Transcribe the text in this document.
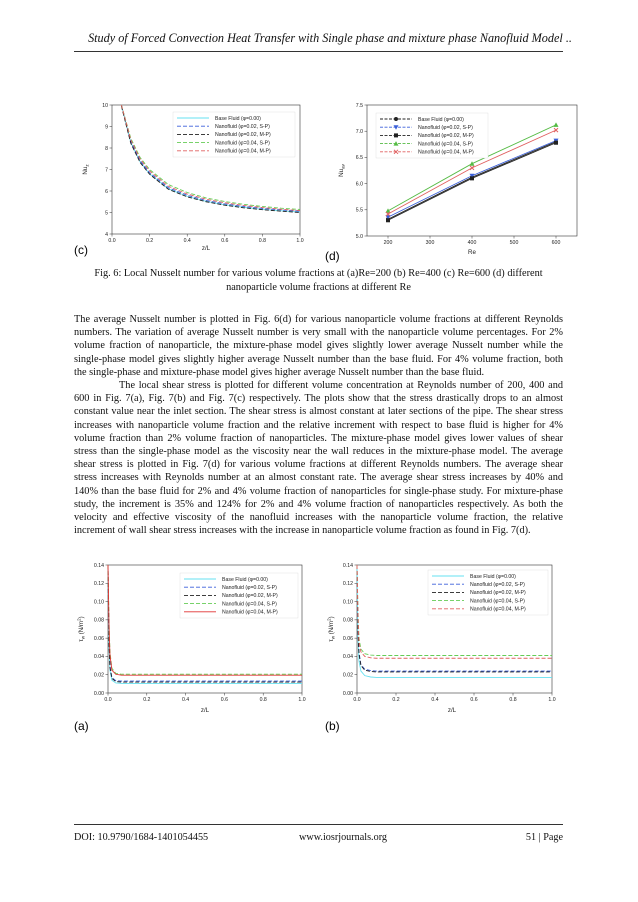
Study of Forced Convection Heat Transfer with Single phase and mixture phase Nanofluid Model ..
0.0	0.2	0.4	0.6	0.8	1.0
4
5
6
7
8
9
10
z/L
$Nu_z$
Base Fluid (φ=0.00)
Nanofluid (φ=0.02, S-P)
Nanofluid (φ=0.02, M-P)
Nanofluid (φ=0.04, S-P)
Nanofluid (φ=0.04, M-P)
(c)	200	300	400	500	600
5.0
5.5
6.0
6.5
7.0
7.5
Re
$Nu_{av}$
Base Fluid (φ=0.00)
Nanofluid (φ=0.02, S-P)
Nanofluid (φ=0.02, M-P)
Nanofluid (φ=0.04, S-P)
Nanofluid (φ=0.04, M-P)
(d)
0.0	0.2	0.4	0.6	0.8	1.0
0.00
0.02
0.04
0.06
0.08
0.10
0.12
0.14
z/L
$\tau_w$ $(N/m^2)$
Base Fluid (φ=0.00)
Nanofluid (φ=0.02, S-P)
Nanofluid (φ=0.02, M-P)
Nanofluid (φ=0.04, S-P)
Nanofluid (φ=0.04, M-P)
(a)
0.0	0.2	0.4	0.6	0.8	1.0
0.00
0.02
0.04
0.06
0.08
0.10
0.12
0.14
z/L
$\tau_w$ $(N/m^2)$
Base Fluid (φ=0.00)
Nanofluid (φ=0.02, S-P)
Nanofluid (φ=0.02, M-P)
Nanofluid (φ=0.04, S-P)
Nanofluid (φ=0.04, M-P)
(b)
Fig. 6: Local Nusselt number for various volume fractions at (a)Re=200 (b) Re=400 (c) Re=600 (d) different
nanoparticle volume fractions at different Re

The average Nusselt number is plotted in Fig. 6(d) for various nanoparticle volume fractions at different Reynolds numbers. The variation of average Nusselt number is very small with the nanoparticle volume percentages. For 2% volume fraction of nanoparticle, the mixture-phase model gives slightly lower average Nusselt number while the single-phase model gives slightly higher average Nusselt number than the base fluid. For 4% volume fraction, both the single-phase and mixture-phase model gives higher average Nusselt number than the base fluid.

The local shear stress is plotted for different volume concentration at Reynolds number of 200, 400 and 600 in Fig. 7(a), Fig. 7(b) and Fig. 7(c) respectively. The plots show that the stress drastically drops to an almost constant value near the inlet section. The shear stress is almost constant at later sections of the pipe. The shear stress increases with nanoparticle volume fraction and the relative increment with respect to base fluid is higher for 4% volume fraction than 2% volume fraction of nanoparticles. The mixture-phase model gives lower values of shear stress than the single-phase model as the viscosity near the wall reduces in the mixture-phase model. The average shear stress is plotted in Fig. 7(d) for various volume fractions at different Reynolds numbers. The average shear stress increases with Reynolds number at an almost constant rate. The average shear stress increases by 40% and 140% than the base fluid for 2% and 4% volume fraction of nanoparticles for single-phase study. For mixture-phase study, the increment is 35% and 124% for 2% and 4% volume fraction of nanoparticles respectively. As both the velocity and effective viscosity of the nanofluid increases with the nanoparticle volume fraction, the relative increment of wall shear stress increases with the increase in nanoparticle volume fraction as found in Fig. 7(d).

DOI: 10.9790/1684-1401054455	www.iosrjournals.org	51 | Page
